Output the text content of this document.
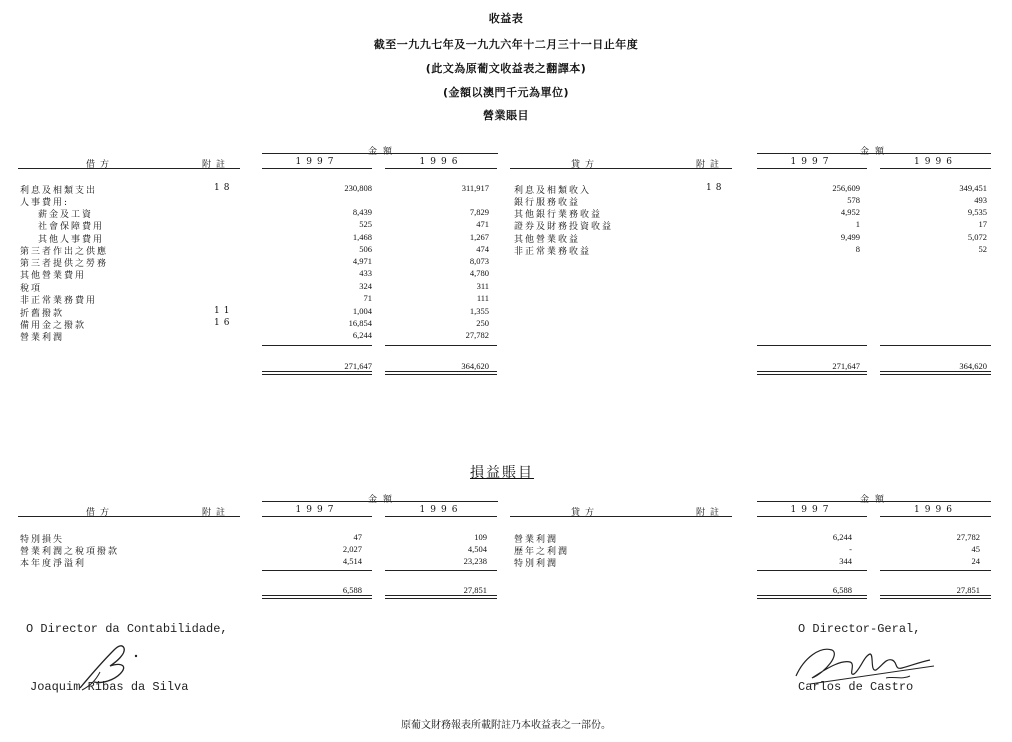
收益表
截至一九九七年及一九九六年十二月三十一日止年度
(此文為原葡文收益表之翻譯本)
(金額以澳門千元為單位)
營業賬目
金額	金額
借方	附註	1997	1996	貸方	附註	1997	1996
利息及相類支出	18	230,808	311,917
人事費用:
薪金及工資	8,439	7,829
社會保障費用	525	471
其他人事費用	1,468	1,267
第三者作出之供應	506	474
第三者提供之勞務	4,971	8,073
其他營業費用	433	4,780
稅項	324	311
非正常業務費用	71	111
折舊撥款	11	1,004	1,355
備用金之撥款	16	16,854	250
營業利潤	6,244	27,782
271,647	364,620
利息及相類收入	18	256,609	349,451
銀行服務收益	578	493
其他銀行業務收益	4,952	9,535
證券及財務投資收益	1	17
其他營業收益	9,499	5,072
非正常業務收益	8	52
271,647	364,620
損益賬目
金額	金額
借方	附註	1997	1996	貸方	附註	1997	1996
特別損失	47	109
營業利潤之稅項撥款	2,027	4,504
本年度淨溢利	4,514	23,238
6,588	27,851
營業利潤	6,244	27,782
歷年之利潤	-	45
特別利潤	344	24
6,588	27,851
O Director da Contabilidade,
Joaquim Ribas da Silva
O Director-Geral,
Carlos de Castro
原葡文財務報表所載附註乃本收益表之一部份。
